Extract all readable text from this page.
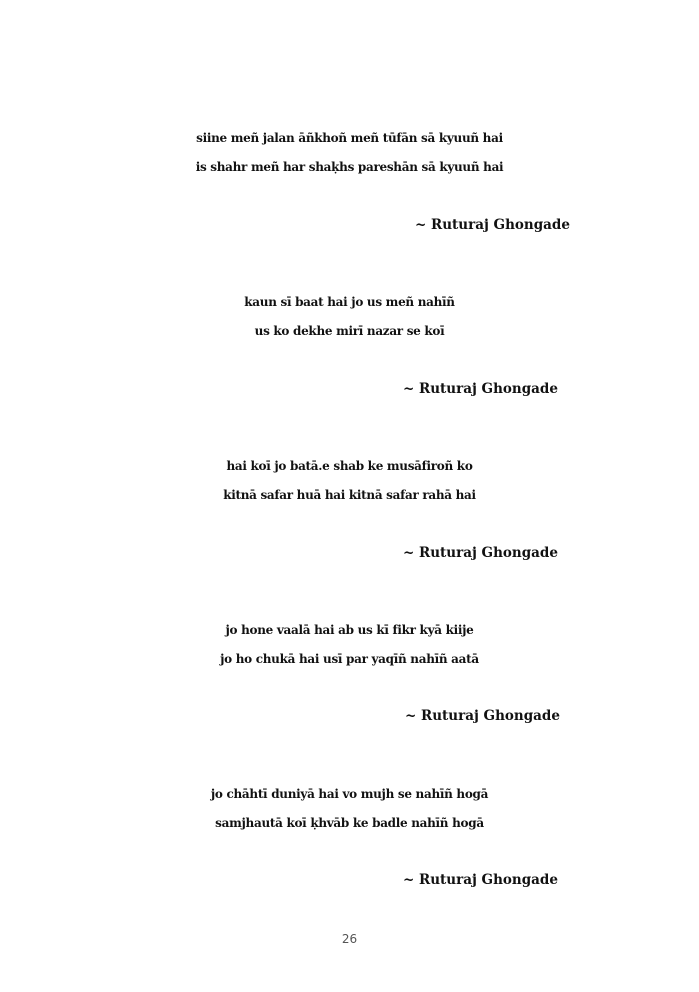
siine meñ jalan āñkhoñ meñ tūfān sā kyuuñ hai
is shahr meñ har shaḳhs pareshān sā kyuuñ hai
~ Ruturaj Ghongade
kaun sī baat hai jo us meñ nahīñ
us ko dekhe mirī nazar se koī
~ Ruturaj Ghongade
hai koī jo batā.e shab ke musāfiroñ ko
kitnā safar huā hai kitnā safar rahā hai
~ Ruturaj Ghongade
jo hone vaalā hai ab us kī fikr kyā kiije
jo ho chukā hai usī par yaqīñ nahīñ aatā
~ Ruturaj Ghongade
jo chāhtī duniyā hai vo mujh se nahīñ hogā
samjhautā koī ḳhvāb ke badle nahīñ hogā
~ Ruturaj Ghongade
26
